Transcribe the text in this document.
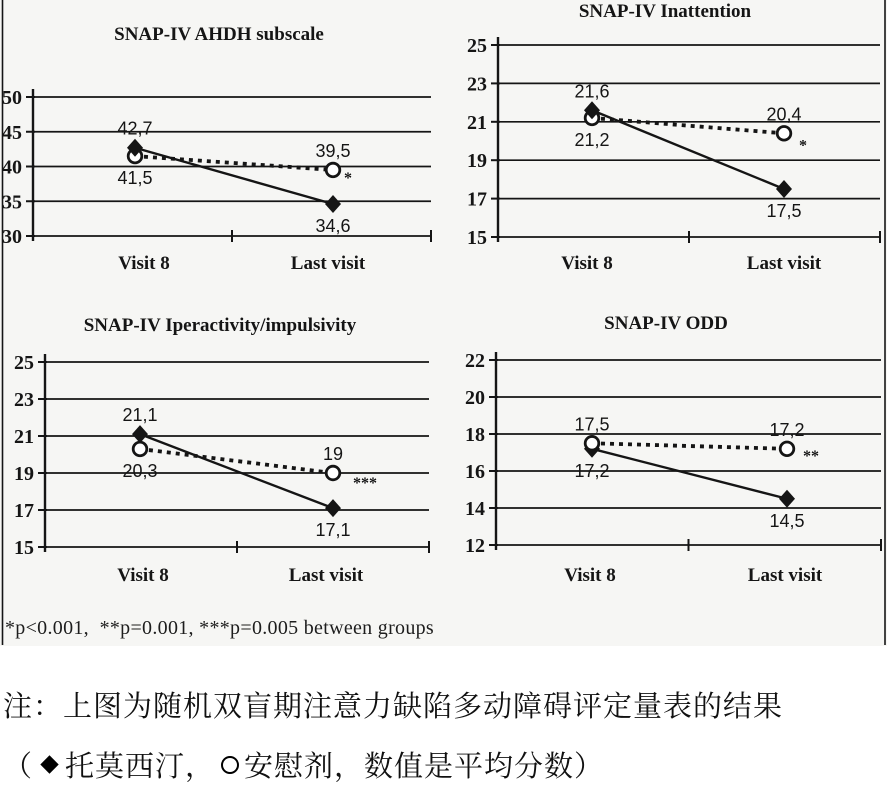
30
35
40
45
50
SNAP-IV AHDH subscale
Visit 8	Last visit
42,7
34,6
41,5
39,5
*
15
17
19
21
23
25
SNAP-IV Inattention
Visit 8	Last visit
21,6
17,5
21,2
20,4
*
15
17
19
21
23
25
SNAP-IV Iperactivity/impulsivity
Visit 8	Last visit
21,1
17,1
20,3
19
***
12
14
16
18
20
22
SNAP-IV ODD
Visit 8	Last visit
17,2
14,5
17,5	17,2
**
*p<0.001,  **p=0.001, ***p=0.005 between groups
注：上图为随机双盲期注意力缺陷多动障碍评定量表的结果
（ 托莫西汀， 安慰剂，数值是平均分数）
